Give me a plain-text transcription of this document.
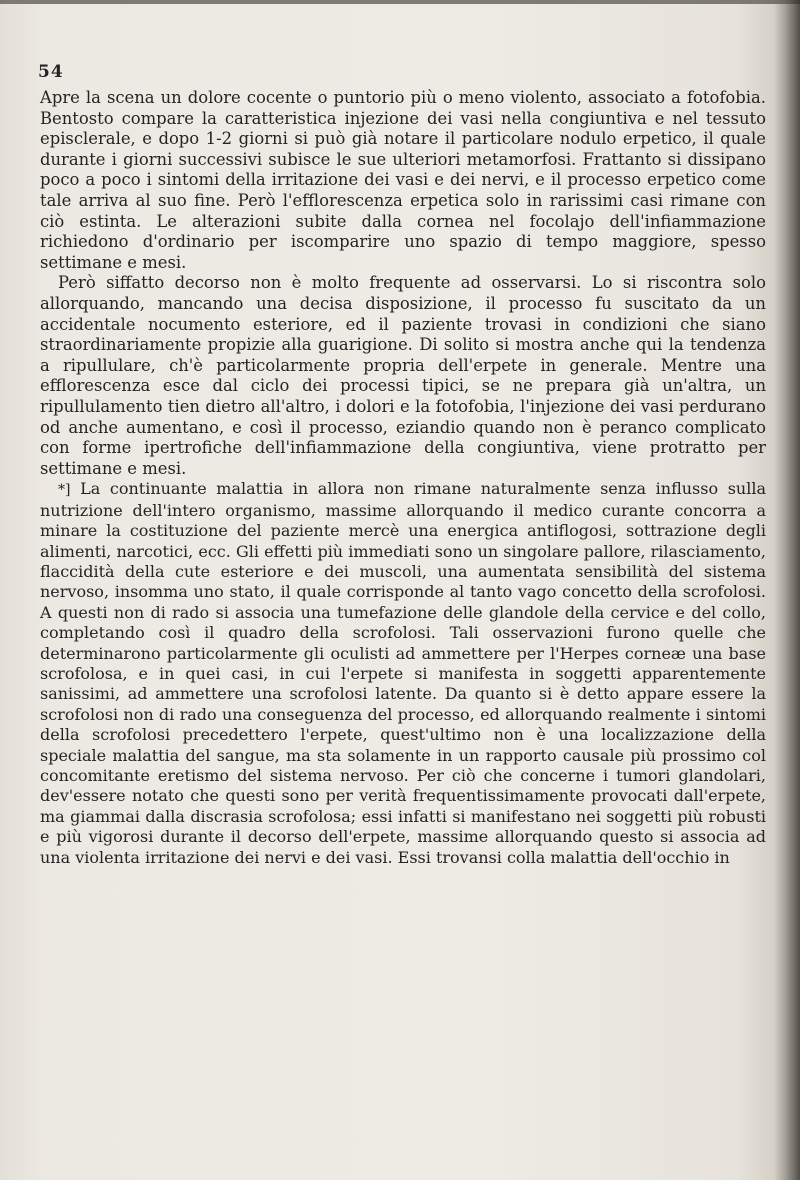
54

Apre la scena un dolore cocente o puntorio più o meno violento, associato a fotofobia. Bentosto compare la caratteristica injezione dei vasi nella congiuntiva e nel tessuto episclerale, e dopo 1-2 giorni si può già notare il particolare nodulo erpetico, il quale durante i giorni successivi subisce le sue ulteriori metamorfosi. Frattanto si dissipano poco a poco i sintomi della irritazione dei vasi e dei nervi, e il processo erpetico come tale arriva al suo fine. Però l'efflorescenza erpetica solo in rarissimi casi rimane con ciò estinta. Le alterazioni subite dalla cornea nel focolajo dell'infiammazione richiedono d'ordinario per iscomparire uno spazio di tempo maggiore, spesso settimane e mesi.

Però siffatto decorso non è molto frequente ad osservarsi. Lo si riscontra solo allorquando, mancando una decisa disposizione, il processo fu suscitato da un accidentale nocumento esteriore, ed il paziente trovasi in condizioni che siano straordinariamente propizie alla guarigione. Di solito si mostra anche qui la tendenza a ripullulare, ch'è particolarmente propria dell'erpete in generale. Mentre una efflorescenza esce dal ciclo dei processi tipici, se ne prepara già un'altra, un ripullulamento tien dietro all'altro, i dolori e la fotofobia, l'injezione dei vasi perdurano od anche aumentano, e così il processo, eziandio quando non è peranco complicato con forme ipertrofiche dell'infiammazione della congiuntiva, viene protratto per settimane e mesi.

*] La continuante malattia in allora non rimane naturalmente senza influsso sulla nutrizione dell'intero organismo, massime allorquando il medico curante concorra a minare la costituzione del paziente mercè una energica antiflogosi, sottrazione degli alimenti, narcotici, ecc. Gli effetti più immediati sono un singolare pallore, rilasciamento, flaccidità della cute esteriore e dei muscoli, una aumentata sensibilità del sistema nervoso, insomma uno stato, il quale corrisponde al tanto vago concetto della scrofolosi. A questi non di rado si associa una tumefazione delle glandole della cervice e del collo, completando così il quadro della scrofolosi. Tali osservazioni furono quelle che determinarono particolarmente gli oculisti ad ammettere per l'Herpes corneæ una base scrofolosa, e in quei casi, in cui l'erpete si manifesta in soggetti apparentemente sanissimi, ad ammettere una scrofolosi latente. Da quanto si è detto appare essere la scrofolosi non di rado una conseguenza del processo, ed allorquando realmente i sintomi della scrofolosi precedettero l'erpete, quest'ultimo non è una localizzazione della speciale malattia del sangue, ma sta solamente in un rapporto causale più prossimo col concomitante eretismo del sistema nervoso. Per ciò che concerne i tumori glandolari, dev'essere notato che questi sono per verità frequentissimamente provocati dall'erpete, ma giammai dalla discrasia scrofolosa; essi infatti si manifestano nei soggetti più robusti e più vigorosi durante il decorso dell'erpete, massime allorquando questo si associa ad una violenta irritazione dei nervi e dei vasi. Essi trovansi colla malattia dell'occhio in
